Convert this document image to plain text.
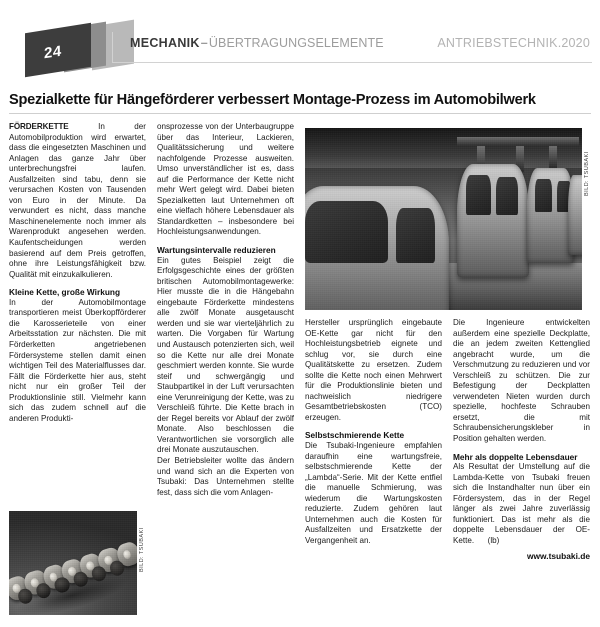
24	MECHANIK–ÜBERTRAGUNGSELEMENTE	ANTRIEBSTECHNIK.2020
Spezialkette für Hängeförderer verbessert Montage-Prozess im Automobilwerk

FÖRDERKETTE In der Automobilproduktion wird erwartet, dass die eingesetzten Maschinen und Anlagen das ganze Jahr über unterbrechungsfrei laufen. Ausfallzeiten sind tabu, denn sie verursachen Kosten von Tausenden von Euro in der Minute. Da verwundert es nicht, dass manche Maschinenelemente noch immer als Warenprodukt angesehen werden. Kaufentscheidungen werden basierend auf dem Preis getroffen, ohne ihre Leistungsfähigkeit bzw. Qualität mit einzukalkulieren.

Kleine Kette, große Wirkung

In der Automobilmontage transportieren meist Überkopfförderer die Karosserieteile von einer Arbeitsstation zur nächsten. Die mit Förderketten angetriebenen Fördersysteme stellen damit einen wichtigen Teil des Materialflusses dar. Fällt die Förderkette hier aus, steht nicht nur ein großer Teil der Produktionslinie still. Vielmehr kann sich das zudem schnell auf die anderen Produkti-

onsprozesse von der Unterbaugruppe über das Interieur, Lackieren, Qualitätssicherung und weitere nachfolgende Prozesse ausweiten. Umso unverständlicher ist es, dass auf die Performance der Kette nicht mehr Wert gelegt wird. Dabei bieten Spezialketten laut Unternehmen oft eine vielfach höhere Lebensdauer als Standardketten – insbesondere bei Hochleistungsanwendungen.

Wartungsintervalle reduzieren

Ein gutes Beispiel zeigt die Erfolgsgeschichte eines der größten britischen Automobilmontagewerke: Hier musste die in die Hängebahn eingebaute Förderkette mindestens alle zwölf Monate ausgetauscht werden und sie war vierteljährlich zu warten. Die Vorgaben für Wartung und Austausch potenzierten sich, weil so die Kette nur alle drei Monate geschmiert werden konnte. Sie wurde steif und schwergängig und Staubpartikel in der Luft verursachten eine Verunreinigung der Kette, was zu Verschleiß führte. Die Kette brach in der Regel bereits vor Ablauf der zwölf Monate. Also beschlossen die Verantwortlichen sie vorsorglich alle drei Monate auszutauschen.

Der Betriebsleiter wollte das ändern und wand sich an die Experten von Tsubaki: Das Unternehmen stellte fest, dass sich die vom Anlagen-

Hersteller ursprünglich eingebaute OE-Kette gar nicht für den Hochleistungsbetrieb eignete und schlug vor, sie durch eine Qualitätskette zu ersetzen. Zudem sollte die Kette noch einen Mehrwert für die Produktionslinie bieten und nachweislich niedrigere Gesamtbetriebskosten (TCO) erzeugen.

Selbstschmierende Kette

Die Tsubaki-Ingenieure empfahlen daraufhin eine wartungsfreie, selbstschmierende Kette der „Lambda“-Serie. Mit der Kette entfiel die manuelle Schmierung, was wiederum die Wartungskosten reduzierte. Zudem gehören laut Unternehmen auch die Kosten für Ausfallzeiten und Ersatzkette der Vergangenheit an.

Die Ingenieure entwickelten außerdem eine spezielle Deckplatte, die an jedem zweiten Kettenglied angebracht wurde, um die Verschmutzung zu reduzieren und vor Verschleiß zu schützen. Die zur Befestigung der Deckplatten verwendeten Nieten wurden durch spezielle, hochfeste Schrauben ersetzt, die mit Schraubensicherungskleber in Position gehalten werden.

Mehr als doppelte Lebensdauer

Als Resultat der Umstellung auf die Lambda-Kette von Tsubaki freuen sich die Instandhalter nun über ein Fördersystem, das in der Regel länger als zwei Jahre zuverlässig funktioniert. Das ist mehr als die doppelte Lebensdauer der OE-Kette. (lb)

www.tsubaki.de
BILD: TSUBAKI
BILD: TSUBAKI
